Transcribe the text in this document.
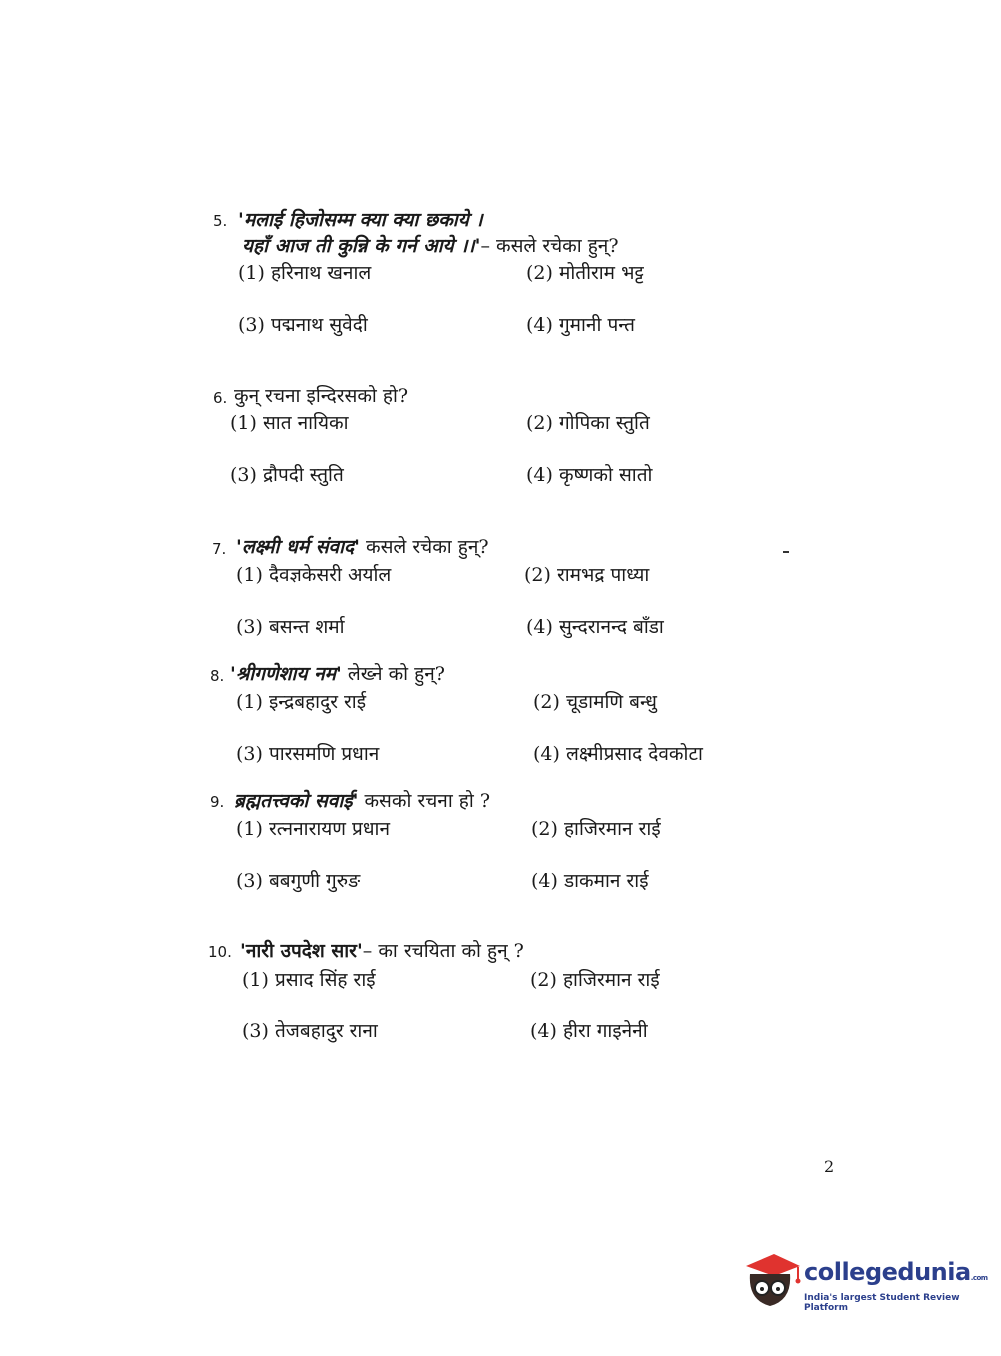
5. 'मलाई हिजोसम्म क्या क्या छकाये ।
यहाँ आज ती कुन्नि के गर्न आये ।।'– कसले रचेका हुन्?
(1) हरिनाथ खनाल	(2) मोतीराम भट्ट
(3) पद्मनाथ सुवेदी	(4) गुमानी पन्त
6. कुन् रचना इन्दिरसको हो?
(1) सात नायिका	(2) गोपिका स्तुति
(3) द्रौपदी स्तुति	(4) कृष्णको सातो
7. 'लक्ष्मी धर्म संवाद' कसले रचेका हुन्?
(1) दैवज्ञकेसरी अर्याल	(2) रामभद्र पाध्या
(3) बसन्त शर्मा	(4) सुन्दरानन्द बाँडा
8. 'श्रीगणेशाय नम' लेख्ने को हुन्?
(1) इन्द्रबहादुर राई	(2) चूडामणि बन्धु
(3) पारसमणि प्रधान	(4) लक्ष्मीप्रसाद देवकोटा
9. ब्रह्मतत्त्वको सवाई' कसको रचना हो ?
(1) रत्ननारायण प्रधान	(2) हाजिरमान राई
(3) बबगुणी गुरुङ	(4) डाकमान राई
10. 'नारी उपदेश सार'– का रचयिता को हुन् ?
(1) प्रसाद सिंह राई	(2) हाजिरमान राई
(3) तेजबहादुर राना	(4) हीरा गाइनेनी
2
collegedunia.com
India's largest Student Review Platform
